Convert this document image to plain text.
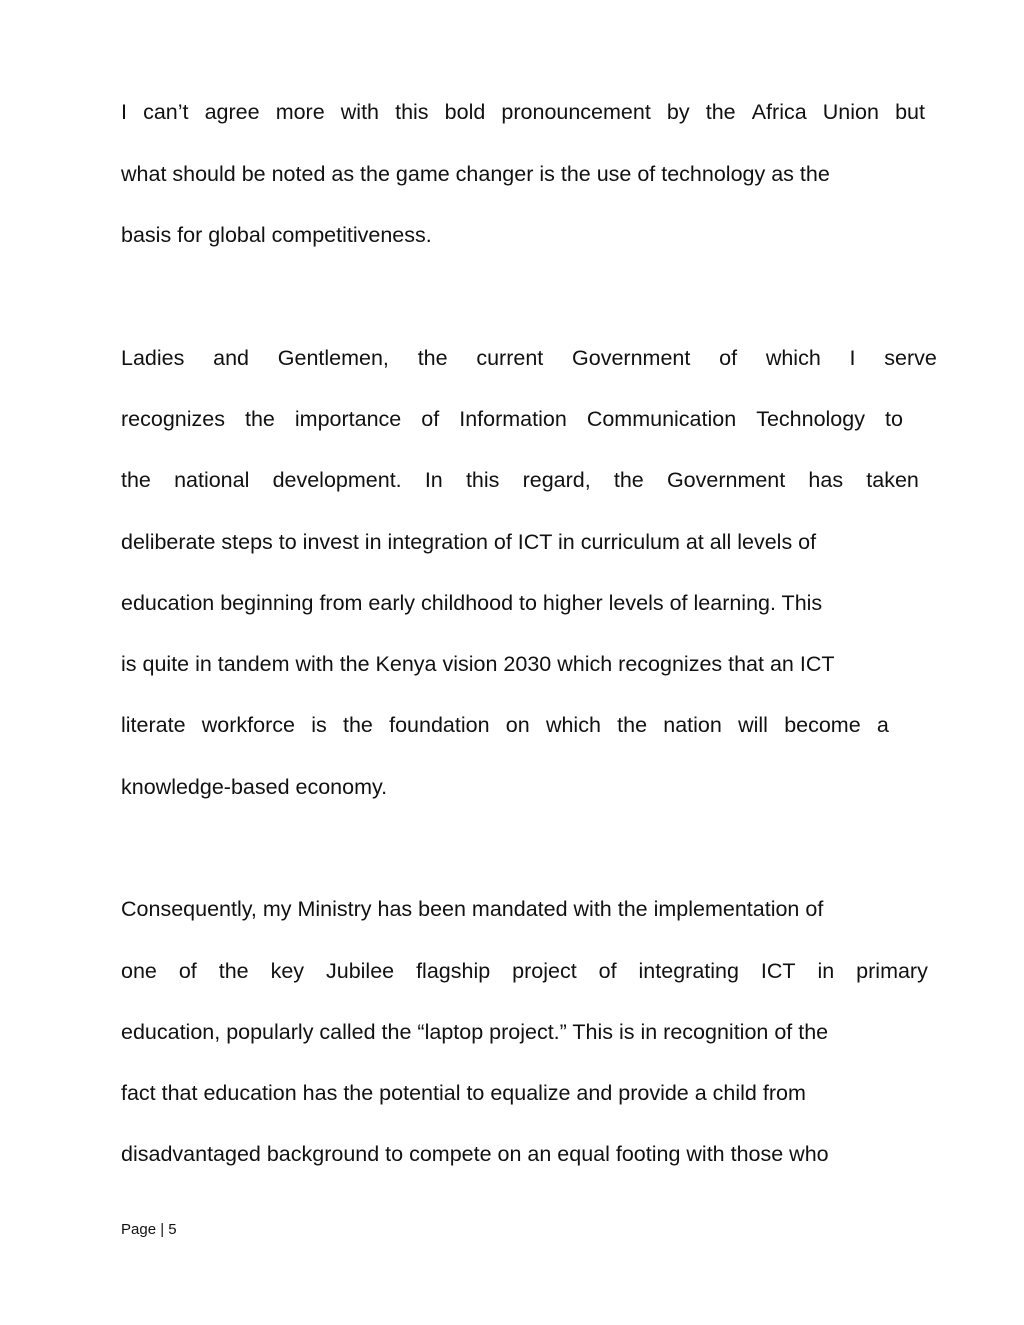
I can’t agree more with this bold pronouncement by the Africa Union but
what should be noted as the game changer is the use of technology as the
basis for global competitiveness.
Ladies and Gentlemen, the current Government of which I serve
recognizes the importance of Information Communication Technology to
the national development. In this regard, the Government has taken
deliberate steps to invest in integration of ICT in curriculum at all levels of
education beginning from early childhood to higher levels of learning. This
is quite in tandem with the Kenya vision 2030 which recognizes that an ICT
literate workforce is the foundation on which the nation will become a
knowledge-based economy.
Consequently, my Ministry has been mandated with the implementation of
one of the key Jubilee flagship project of integrating ICT in primary
education, popularly called the “laptop project.” This is in recognition of the
fact that education has the potential to equalize and provide a child from
disadvantaged background to compete on an equal footing with those who
Page | 5
